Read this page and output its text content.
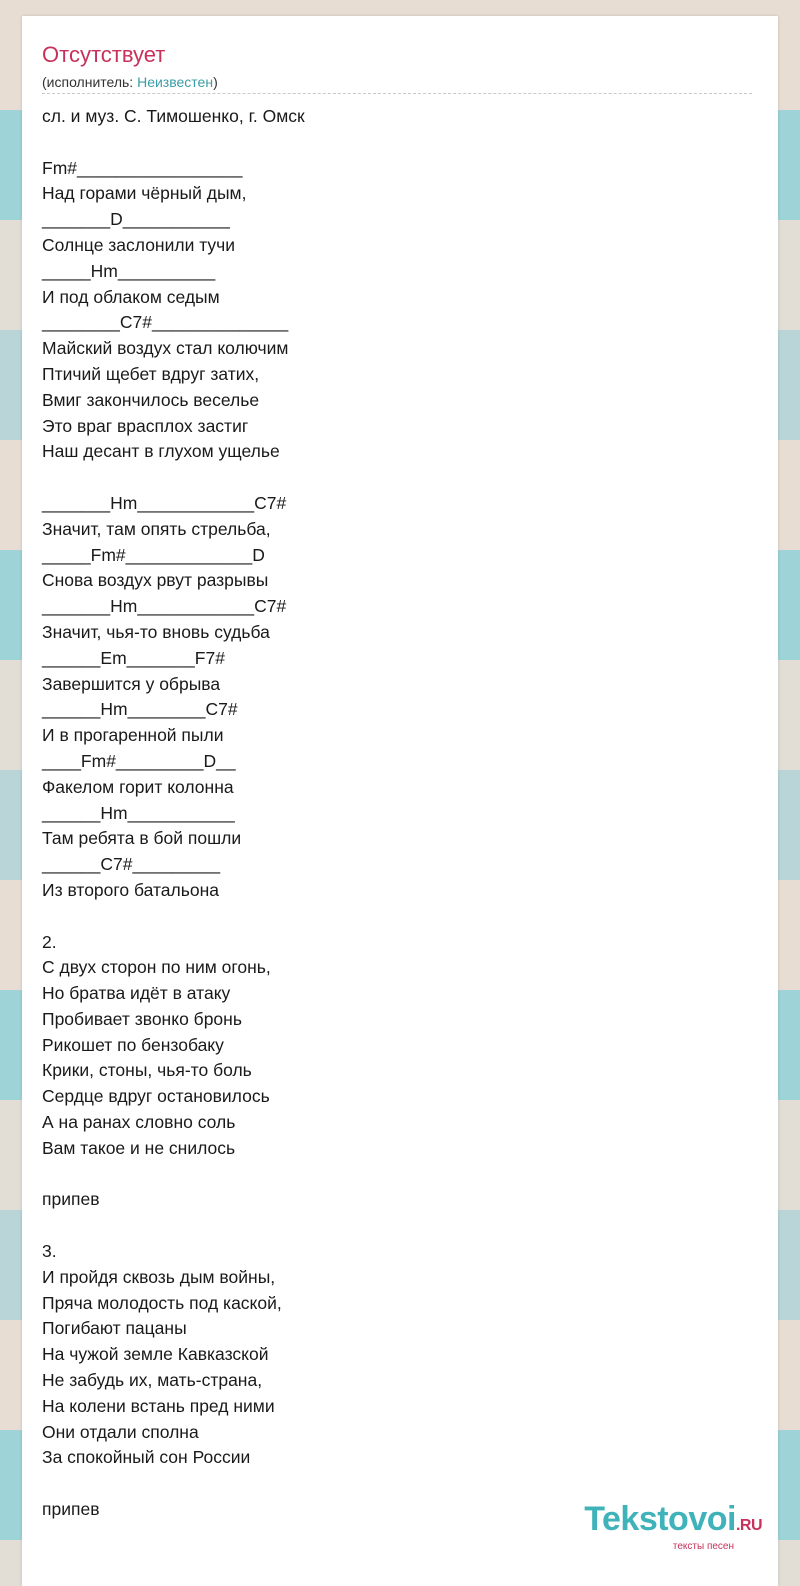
Отсутствует
(исполнитель: Неизвестен)
сл. и муз. С. Тимошенко, г. Омск
Fm#_________________
Над горами чёрный дым,
_______D___________
Солнце заслонили тучи
_____Hm__________
И под облаком седым
________C7#______________
Майский воздух стал колючим
Птичий щебет вдруг затих,
Вмиг закончилось веселье
Это враг врасплох застиг
Наш десант в глухом ущелье
_______Hm____________C7#
Значит, там опять стрельба,
_____Fm#_____________D
Снова воздух рвут разрывы
_______Hm____________C7#
Значит, чья-то вновь судьба
______Em_______F7#
Завершится у обрыва
______Hm________C7#
И в прогаренной пыли
____Fm#_________D__
Факелом горит колонна
______Hm___________
Там ребята в бой пошли
______C7#_________
Из второго батальона
2.
С двух сторон по ним огонь,
Но братва идёт в атаку
Пробивает звонко бронь
Рикошет по бензобаку
Крики, стоны, чья-то боль
Сердце вдруг остановилось
А на ранах словно соль
Вам такое и не снилось
припев
3.
И пройдя сквозь дым войны,
Пряча молодость под каской,
Погибают пацаны
На чужой земле Кавказской
Не забудь их, мать-страна,
На колени встань пред ними
Они отдали сполна
За спокойный сон России
припев	Tekstovoi.RU
тексты песен
